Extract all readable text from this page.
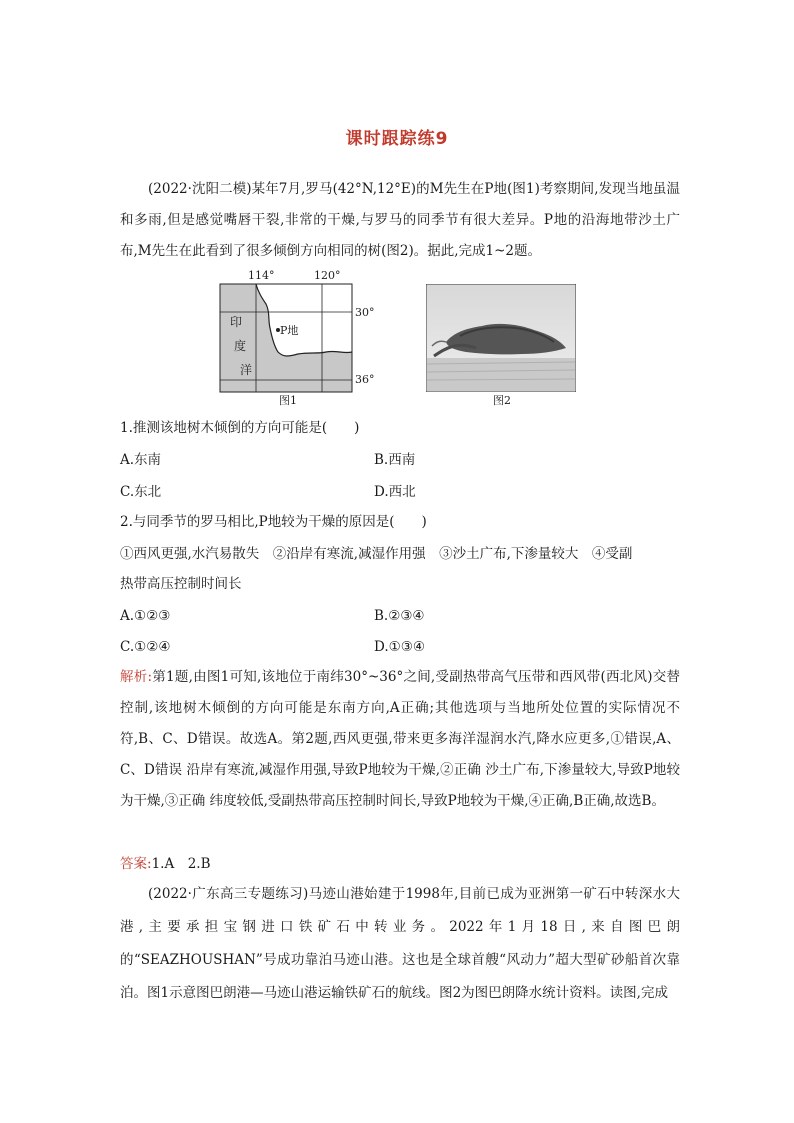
课时跟踪练9
(2022·沈阳二模)某年7月,罗马(42°N,12°E)的M先生在P地(图1)考察期间,发现当地虽温和多雨,但是感觉嘴唇干裂,非常的干燥,与罗马的同季节有很大差异。P地的沿海地带沙土广布,M先生在此看到了很多倾倒方向相同的树(图2)。据此,完成1~2题。
114°	120°
30°
36°
印
度
洋
P地
图1	图2
1.推测该地树木倾倒的方向可能是(　　)
A.东南	B.西南
C.东北	D.西北
2.与同季节的罗马相比,P地较为干燥的原因是(　　)
①西风更强,水汽易散失　②沿岸有寒流,减湿作用强　③沙土广布,下渗量较大　④受副
热带高压控制时间长
A.①②③	B.②③④
C.①②④	D.①③④
解析:第1题,由图1可知,该地位于南纬30°~36°之间,受副热带高气压带和西风带(西北风)交替控制,该地树木倾倒的方向可能是东南方向,A正确;其他选项与当地所处位置的实际情况不符,B、C、D错误。故选A。第2题,西风更强,带来更多海洋湿润水汽,降水应更多,①错误,A、C、D错误 沿岸有寒流,减湿作用强,导致P地较为干燥,②正确 沙土广布,下渗量较大,导致P地较为干燥,③正确 纬度较低,受副热带高压控制时间长,导致P地较为干燥,④正确,B正确,故选B。
答案:1.A　2.B
(2022·广东高三专题练习)马迹山港始建于1998年,目前已成为亚洲第一矿石中转深水大港,主要承担宝钢进口铁矿石中转业务。2022年1月18日,来自图巴朗的“SEAZHOUSHAN”号成功靠泊马迹山港。这也是全球首艘“风动力”超大型矿砂船首次靠泊。图1示意图巴朗港—马迹山港运输铁矿石的航线。图2为图巴朗降水统计资料。读图,完成
